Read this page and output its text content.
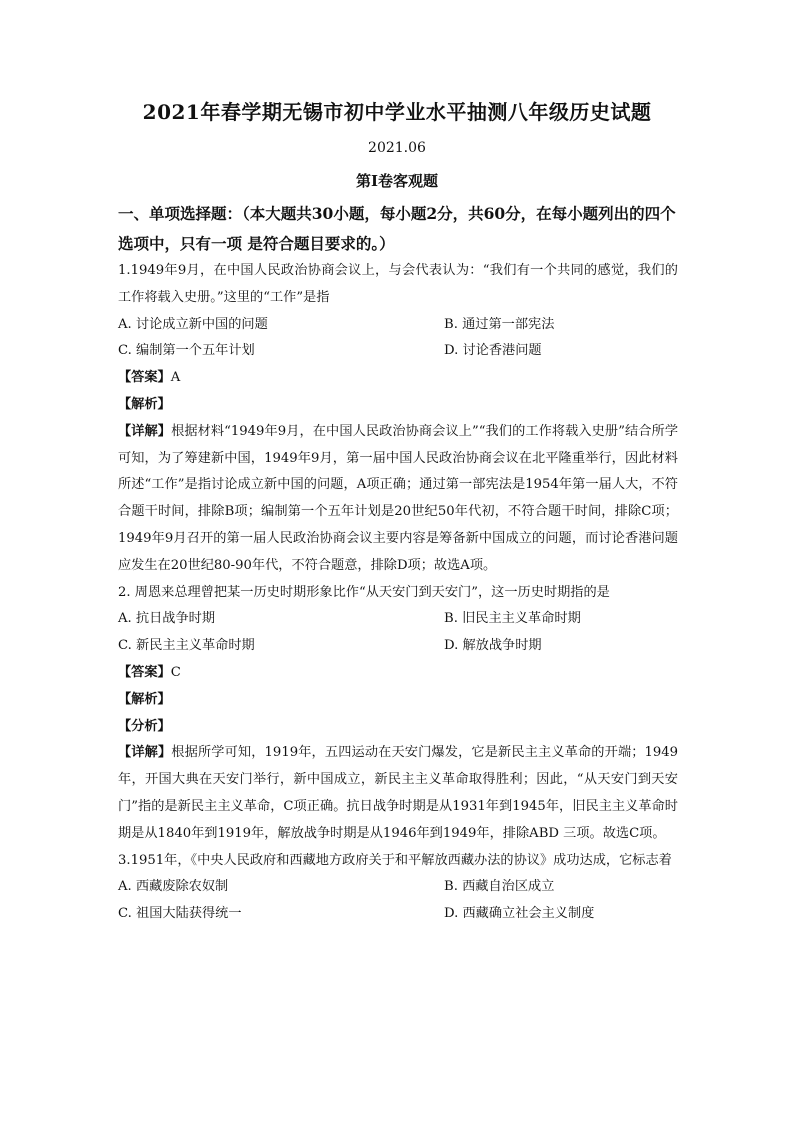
2021年春学期无锡市初中学业水平抽测八年级历史试题
2021.06
第Ⅰ卷客观题
一、单项选择题：（本大题共30小题，每小题2分，共60分，在每小题列出的四个选项中，只有一项 是符合题目要求的。）
1.1949年9月，在中国人民政治协商会议上，与会代表认为：“我们有一个共同的感觉，我们的工作将载入史册。”这里的“工作”是指
A. 讨论成立新中国的问题	B. 通过第一部宪法
C. 编制第一个五年计划	D. 讨论香港问题
【答案】A
【解析】
【详解】根据材料“1949年9月，在中国人民政治协商会议上”“我们的工作将载入史册”结合所学可知，为了筹建新中国，1949年9月，第一届中国人民政治协商会议在北平隆重举行，因此材料所述“工作”是指讨论成立新中国的问题，A项正确；通过第一部宪法是1954年第一届人大，不符合题干时间，排除B项；编制第一个五年计划是20世纪50年代初，不符合题干时间，排除C项；1949年9月召开的第一届人民政治协商会议主要内容是筹备新中国成立的问题，而讨论香港问题应发生在20世纪80-90年代，不符合题意，排除D项；故选A项。
2. 周恩来总理曾把某一历史时期形象比作“从天安门到天安门”，这一历史时期指的是
A. 抗日战争时期	B. 旧民主主义革命时期
C. 新民主主义革命时期	D. 解放战争时期
【答案】C
【解析】
【分析】
【详解】根据所学可知，1919年，五四运动在天安门爆发，它是新民主主义革命的开端；1949年，开国大典在天安门举行，新中国成立，新民主主义革命取得胜利；因此，“从天安门到天安门”指的是新民主主义革命，C项正确。抗日战争时期是从1931年到1945年，旧民主主义革命时期是从1840年到1919年，解放战争时期是从1946年到1949年，排除ABD 三项。故选C项。
3.1951年，《中央人民政府和西藏地方政府关于和平解放西藏办法的协议》成功达成，它标志着
A. 西藏废除农奴制	B. 西藏自治区成立
C. 祖国大陆获得统一	D. 西藏确立社会主义制度
